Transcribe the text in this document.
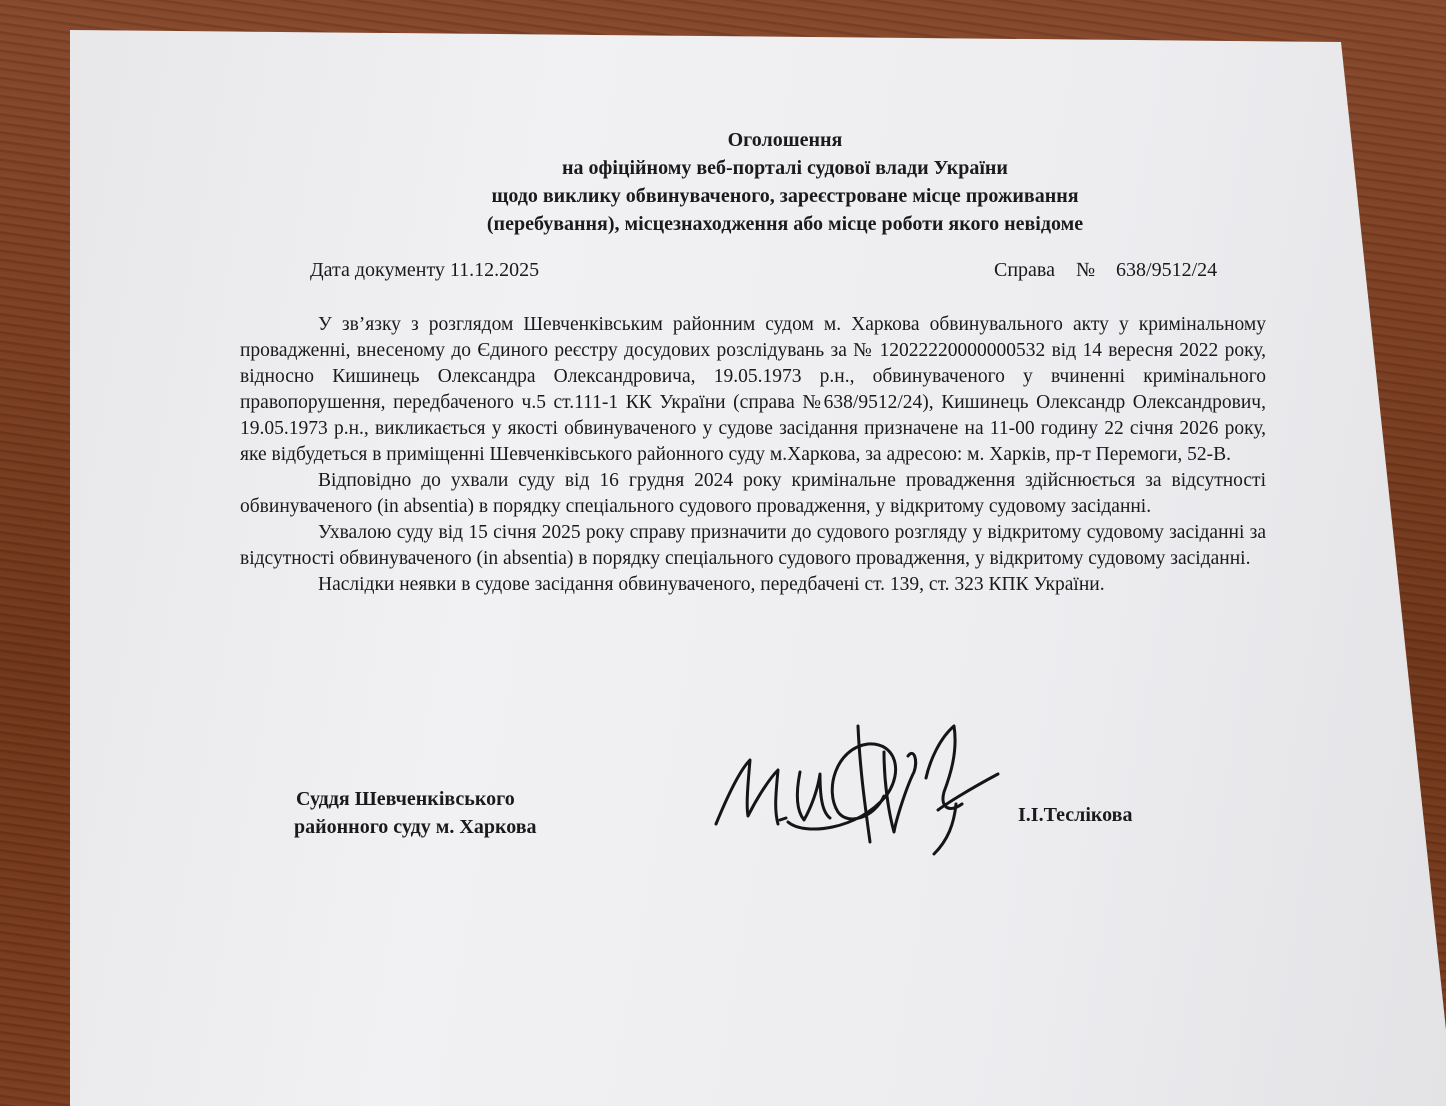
Оголошення
на офіційному веб-порталі судової влади України
щодо виклику обвинуваченого, зареєстроване місце проживання
(перебування), місцезнаходження або місце роботи якого невідоме
Дата документу 11.12.2025	Справа № 638/9512/24

У зв’язку з розглядом Шевченківським районним судом м. Харкова обвинувального акту у кримінальному провадженні, внесеному до Єдиного реєстру досудових розслідувань за № 12022220000000532 від 14 вересня 2022 року, відносно Кишинець Олександра Олександровича, 19.05.1973 р.н., обвинуваченого у вчиненні кримінального правопорушення, передбаченого ч.5 ст.111-1 КК України (справа №638/9512/24), Кишинець Олександр Олександрович, 19.05.1973 р.н., викликається у якості обвинуваченого у судове засідання призначене на 11-00 годину 22 січня 2026 року, яке відбудеться в приміщенні Шевченківського районного суду м.Харкова, за адресою: м. Харків, пр-т Перемоги, 52-В.

Відповідно до ухвали суду від 16 грудня 2024 року кримінальне провадження здійснюється за відсутності обвинуваченого (in absentia) в порядку спеціального судового провадження, у відкритому судовому засіданні.

Ухвалою суду від 15 січня 2025 року справу призначити до судового розгляду у відкритому судовому засіданні за відсутності обвинуваченого (in absentia) в порядку спеціального судового провадження, у відкритому судовому засіданні.

Наслідки неявки в судове засідання обвинуваченого, передбачені ст. 139, ст. 323 КПК України.

Суддя Шевченківського
районного суду м. Харкова
І.І.Теслікова
